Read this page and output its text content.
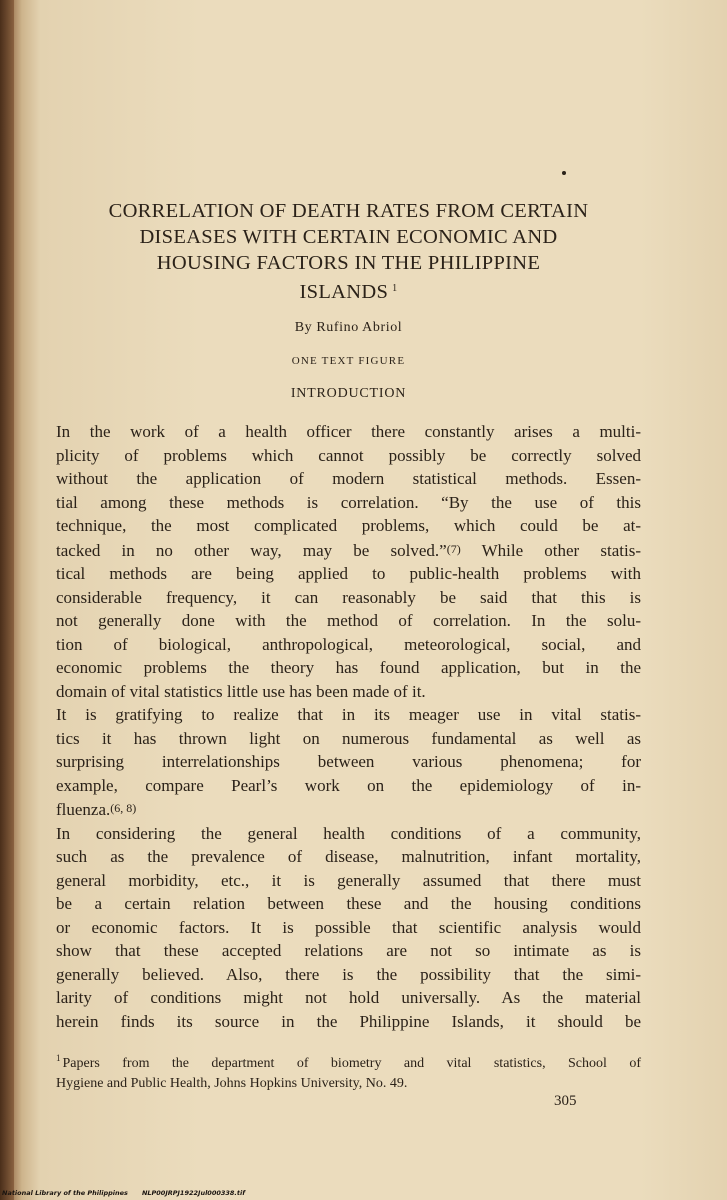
CORRELATION OF DEATH RATES FROM CERTAIN
DISEASES WITH CERTAIN ECONOMIC AND
HOUSING FACTORS IN THE PHILIPPINE
ISLANDS $^1$
By Rufino Abriol
ONE TEXT FIGURE
INTRODUCTION
In the work of a health officer there constantly arises a multi-
plicity of problems which cannot possibly be correctly solved
without the application of modern statistical methods. Essen-
tial among these methods is correlation. “By the use of this
technique, the most complicated problems, which could be at-
tacked in no other way, may be solved.”(7) While other statis-
tical methods are being applied to public-health problems with
considerable frequency, it can reasonably be said that this is
not generally done with the method of correlation. In the solu-
tion of biological, anthropological, meteorological, social, and
economic problems the theory has found application, but in the
domain of vital statistics little use has been made of it.
It is gratifying to realize that in its meager use in vital statis-
tics it has thrown light on numerous fundamental as well as
surprising interrelationships between various phenomena; for
example, compare Pearl’s work on the epidemiology of in-
fluenza.(6, 8)
In considering the general health conditions of a community,
such as the prevalence of disease, malnutrition, infant mortality,
general morbidity, etc., it is generally assumed that there must
be a certain relation between these and the housing conditions
or economic factors. It is possible that scientific analysis would
show that these accepted relations are not so intimate as is
generally believed. Also, there is the possibility that the simi-
larity of conditions might not hold universally. As the material
herein finds its source in the Philippine Islands, it should be
$^1$ Papers from the department of biometry and vital statistics, School of
Hygiene and Public Health, Johns Hopkins University, No. 49.
305
National Library of the Philippines NLP00JRPJ1922Jul000338.tif
